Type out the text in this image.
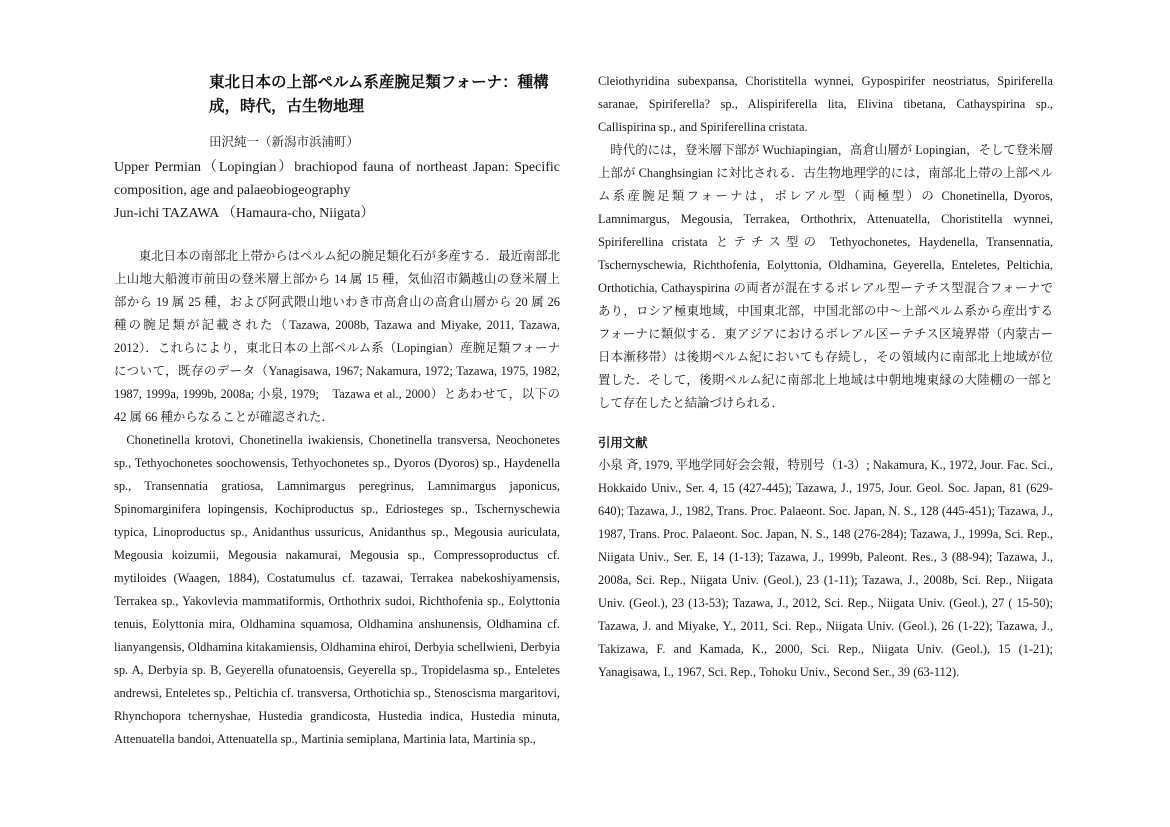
東北日本の上部ペルム系産腕足類フォーナ：種構成，時代，古生物地理
田沢純一（新潟市浜浦町）
Upper Permian（Lopingian）brachiopod fauna of northeast Japan: Specific composition, age and palaeobiogeography
Jun-ichi TAZAWA （Hamaura-cho, Niigata）
東北日本の南部北上帯からはペルム紀の腕足類化石が多産する．最近南部北上山地大船渡市前田の登米層上部から 14 属 15 種，気仙沼市鍋越山の登米層上部から 19 属 25 種，および阿武隈山地いわき市高倉山の高倉山層から 20 属 26 種の腕足類が記載された（Tazawa, 2008b, Tazawa and Miyake, 2011, Tazawa, 2012）．これらにより，東北日本の上部ペルム系（Lopingian）産腕足類フォーナについて，既存のデータ（Yanagisawa, 1967; Nakamura, 1972; Tazawa, 1975, 1982, 1987, 1999a, 1999b, 2008a; 小泉, 1979;　Tazawa et al., 2000）とあわせて，以下の 42 属 66 種からなることが確認された．
Chonetinella krotovi, Chonetinella iwakiensis, Chonetinella transversa, Neochonetes sp., Tethyochonetes soochowensis, Tethyochonetes sp., Dyoros (Dyoros) sp., Haydenella sp., Transennatia gratiosa, Lamnimargus peregrinus, Lamnimargus japonicus, Spinomarginifera lopingensis, Kochiproductus sp., Edriosteges sp., Tschernyschewia typica, Linoproductus sp., Anidanthus ussuricus, Anidanthus sp., Megousia auriculata, Megousia koizumii, Megousia nakamurai, Megousia sp., Compressoproductus cf. mytiloides (Waagen, 1884), Costatumulus cf. tazawai, Terrakea nabekoshiyamensis, Terrakea sp., Yakovlevia mammatiformis, Orthothrix sudoi, Richthofenia sp., Eolyttonia tenuis, Eolyttonia mira, Oldhamina squamosa, Oldhamina anshunensis, Oldhamina cf. lianyangensis, Oldhamina kitakamiensis, Oldhamina ehiroi, Derbyia schellwieni, Derbyia sp. A, Derbyia sp. B, Geyerella ofunatoensis, Geyerella sp., Tropidelasma sp., Enteletes andrewsi, Enteletes sp., Peltichia cf. transversa, Orthotichia sp., Stenoscisma margaritovi, Rhynchopora tchernyshae, Hustedia grandicosta, Hustedia indica, Hustedia minuta, Attenuatella bandoi, Attenuatella sp., Martinia semiplana, Martinia lata, Martinia sp.,
Cleiothyridina subexpansa, Choristitella wynnei, Gypospirifer neostriatus, Spiriferella saranae, Spiriferella? sp., Alispiriferella lita, Elivina tibetana, Cathayspirina sp., Callispirina sp., and Spiriferellina cristata.
時代的には，登米層下部が Wuchiapingian，高倉山層が Lopingian，そして登米層上部が Changhsingian に対比される．古生物地理学的には，南部北上帯の上部ペルム系産腕足類フォーナは，ボレアル型（両極型）の Chonetinella, Dyoros, Lamnimargus, Megousia, Terrakea, Orthothrix, Attenuatella, Choristitella wynnei, Spiriferellina cristata とテチス型の Tethyochonetes, Haydenella, Transennatia, Tschernyschewia, Richthofenia, Eolyttonia, Oldhamina, Geyerella, Enteletes, Peltichia, Orthotichia, Cathayspirina の両者が混在するボレアル型ーテチス型混合フォーナであり，ロシア極東地域，中国東北部，中国北部の中〜上部ペルム系から産出するフォーナに類似する．東アジアにおけるボレアル区ーテチス区境界帯（内蒙古ー日本漸移帯）は後期ペルム紀においても存続し，その領域内に南部北上地域が位置した．そして，後期ペルム紀に南部北上地域は中朝地塊東縁の大陸棚の一部として存在したと結論づけられる．
引用文献
小泉 斉, 1979, 平地学同好会会報，特別号（1-3）; Nakamura, K., 1972, Jour. Fac. Sci., Hokkaido Univ., Ser. 4, 15 (427-445); Tazawa, J., 1975, Jour. Geol. Soc. Japan, 81 (629-640); Tazawa, J., 1982, Trans. Proc. Palaeont. Soc. Japan, N. S., 128 (445-451); Tazawa, J., 1987, Trans. Proc. Palaeont. Soc. Japan, N. S., 148 (276-284); Tazawa, J., 1999a, Sci. Rep., Niigata Univ., Ser. E, 14 (1-13); Tazawa, J., 1999b, Paleont. Res., 3 (88-94); Tazawa, J., 2008a, Sci. Rep., Niigata Univ. (Geol.), 23 (1-11); Tazawa, J., 2008b, Sci. Rep., Niigata Univ. (Geol.), 23 (13-53); Tazawa, J., 2012, Sci. Rep., Niigata Univ. (Geol.), 27 ( 15-50); Tazawa, J. and Miyake, Y., 2011, Sci. Rep., Niigata Univ. (Geol.), 26 (1-22); Tazawa, J., Takizawa, F. and Kamada, K., 2000, Sci. Rep., Niigata Univ. (Geol.), 15 (1-21); Yanagisawa, I., 1967, Sci. Rep., Tohoku Univ., Second Ser., 39 (63-112).
